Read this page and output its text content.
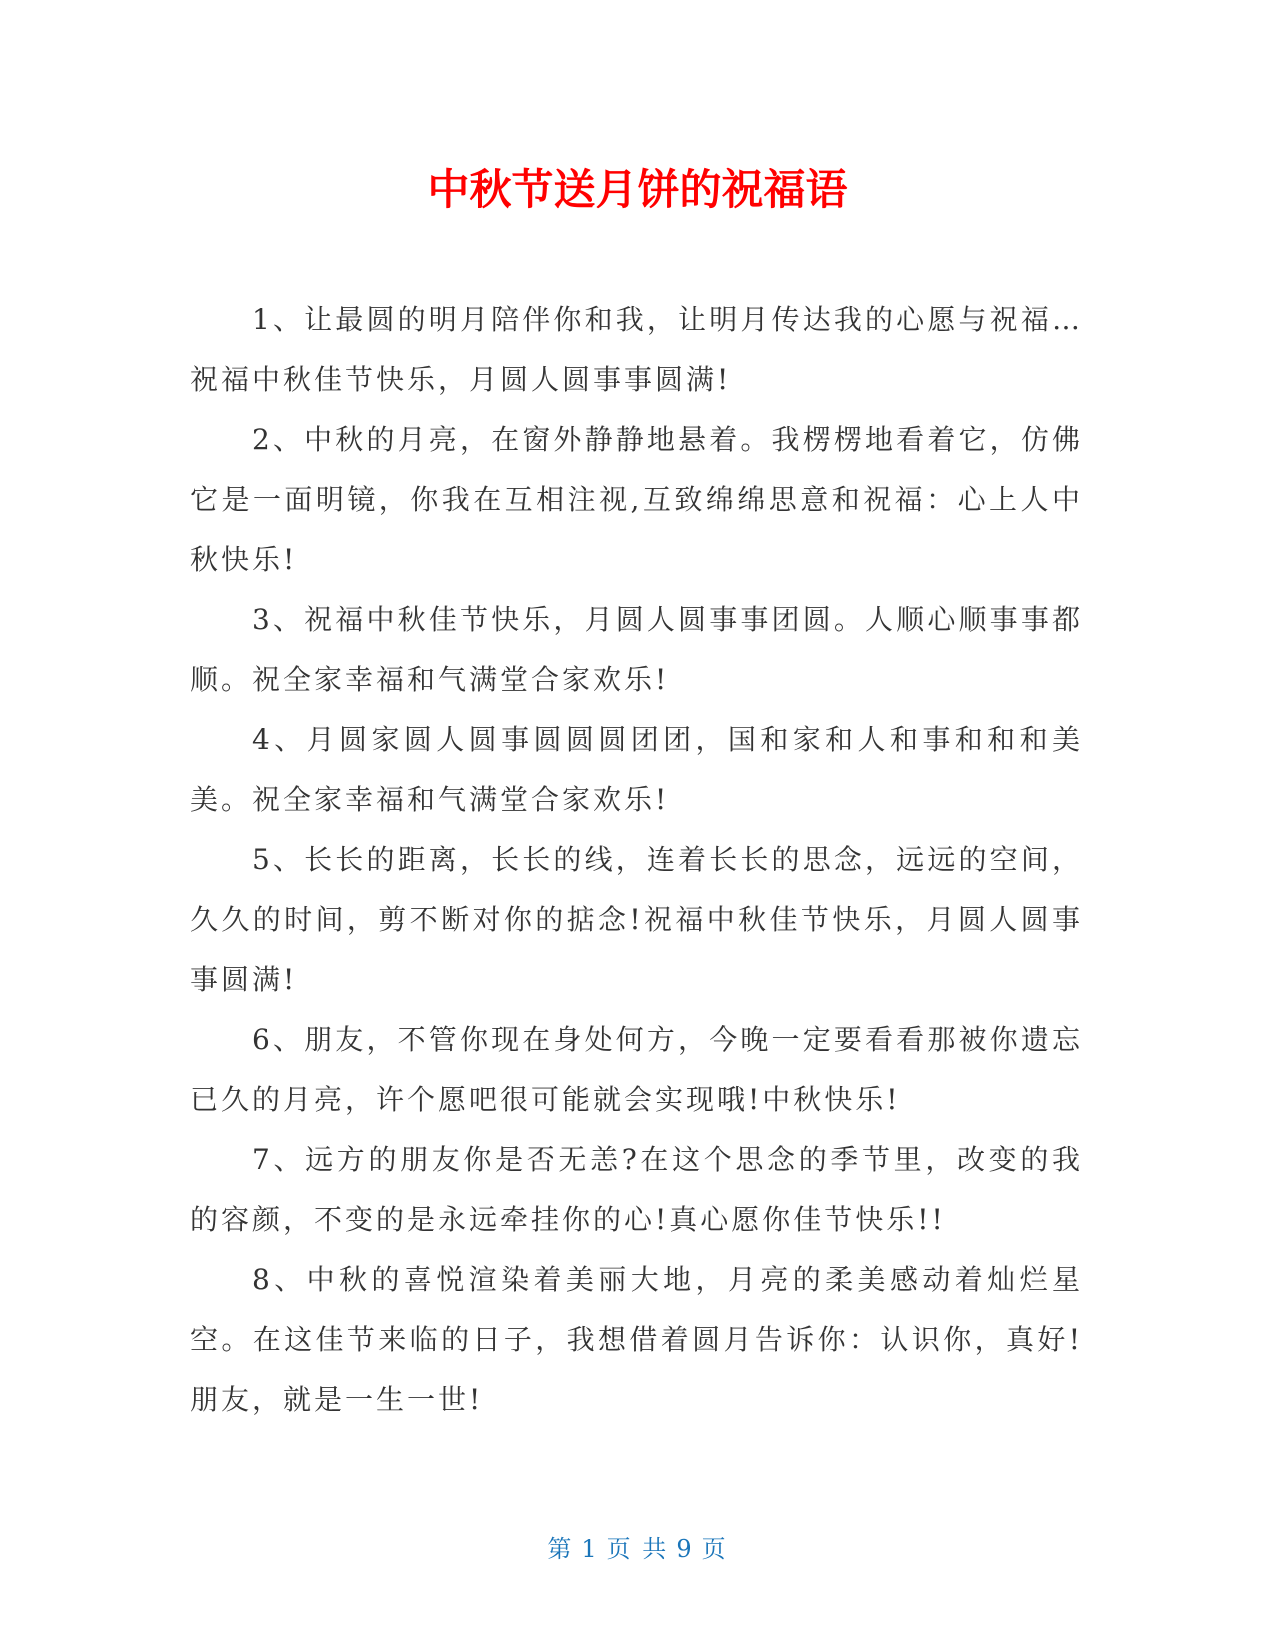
中秋节送月饼的祝福语

1、让最圆的明月陪伴你和我，让明月传达我的心愿与祝福…祝福中秋佳节快乐，月圆人圆事事圆满!

2、中秋的月亮，在窗外静静地悬着。我楞楞地看着它，仿佛它是一面明镜，你我在互相注视,互致绵绵思意和祝福：心上人中秋快乐!

3、祝福中秋佳节快乐，月圆人圆事事团圆。人顺心顺事事都顺。祝全家幸福和气满堂合家欢乐!

4、月圆家圆人圆事圆圆圆团团，国和家和人和事和和和美美。祝全家幸福和气满堂合家欢乐!

5、长长的距离，长长的线，连着长长的思念，远远的空间，久久的时间，剪不断对你的掂念!祝福中秋佳节快乐，月圆人圆事事圆满!

6、朋友，不管你现在身处何方，今晚一定要看看那被你遗忘已久的月亮，许个愿吧很可能就会实现哦!中秋快乐!

7、远方的朋友你是否无恙?在这个思念的季节里，改变的我的容颜，不变的是永远牵挂你的心!真心愿你佳节快乐!!

8、中秋的喜悦渲染着美丽大地，月亮的柔美感动着灿烂星空。在这佳节来临的日子，我想借着圆月告诉你：认识你，真好!朋友，就是一生一世!

第 1 页 共 9 页
